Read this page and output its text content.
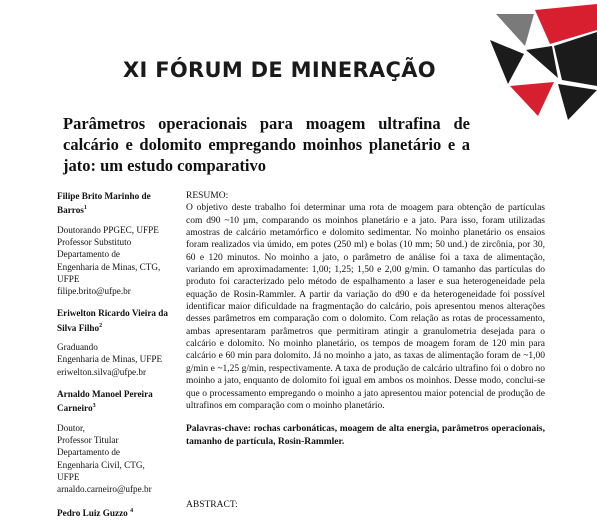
XI FÓRUM DE MINERAÇÃO
Parâmetros operacionais para moagem ultrafina de calcário e dolomito empregando moinhos planetário e a jato: um estudo comparativo
Filipe Brito Marinho de Barros$^1$
Doutorando PPGEC, UFPE
Professor Substituto
Departamento de
Engenharia de Minas, CTG,
UFPE
filipe.brito@ufpe.br
Eriwelton Ricardo Vieira da Silva Filho$^2$
Graduando
Engenharia de Minas, UFPE
eriwelton.silva@ufpe.br
Arnaldo Manoel Pereira Carneiro$^3$
Doutor,
Professor Titular
Departamento de
Engenharia Civil, CTG,
UFPE
arnaldo.carneiro@ufpe.br
Pedro Luiz Guzzo $^4$
RESUMO:
O objetivo deste trabalho foi determinar uma rota de moagem para obtenção de partículas com d90 ~10 µm, comparando os moinhos planetário e a jato. Para isso, foram utilizadas amostras de calcário metamórfico e dolomito sedimentar. No moinho planetário os ensaios foram realizados via úmido, em potes (250 ml) e bolas (10 mm; 50 und.) de zircônia, por 30, 60 e 120 minutos. No moinho a jato, o parâmetro de análise foi a taxa de alimentação, variando em aproximadamente: 1,00; 1,25; 1,50 e 2,00 g/min. O tamanho das partículas do produto foi caracterizado pelo método de espalhamento a laser e sua heterogeneidade pela equação de Rosin-Rammler. A partir da variação do d90 e da heterogeneidade foi possível identificar maior dificuldade na fragmentação do calcário, pois apresentou menos alterações desses parâmetros em comparação com o dolomito. Com relação as rotas de processamento, ambas apresentaram parâmetros que permitiram atingir a granulometria desejada para o calcário e dolomito. No moinho planetário, os tempos de moagem foram de 120 min para calcário e 60 min para dolomito. Já no moinho a jato, as taxas de alimentação foram de ~1,00 g/min e ~1,25 g/min, respectivamente. A taxa de produção de calcário ultrafino foi o dobro no moinho a jato, enquanto de dolomito foi igual em ambos os moinhos. Desse modo, conclui-se que o processamento empregando o moinho a jato apresentou maior potencial de produção de ultrafinos em comparação com o moinho planetário.
Palavras-chave: rochas carbonáticas, moagem de alta energia, parâmetros operacionais, tamanho de partícula, Rosin-Rammler.
ABSTRACT:
